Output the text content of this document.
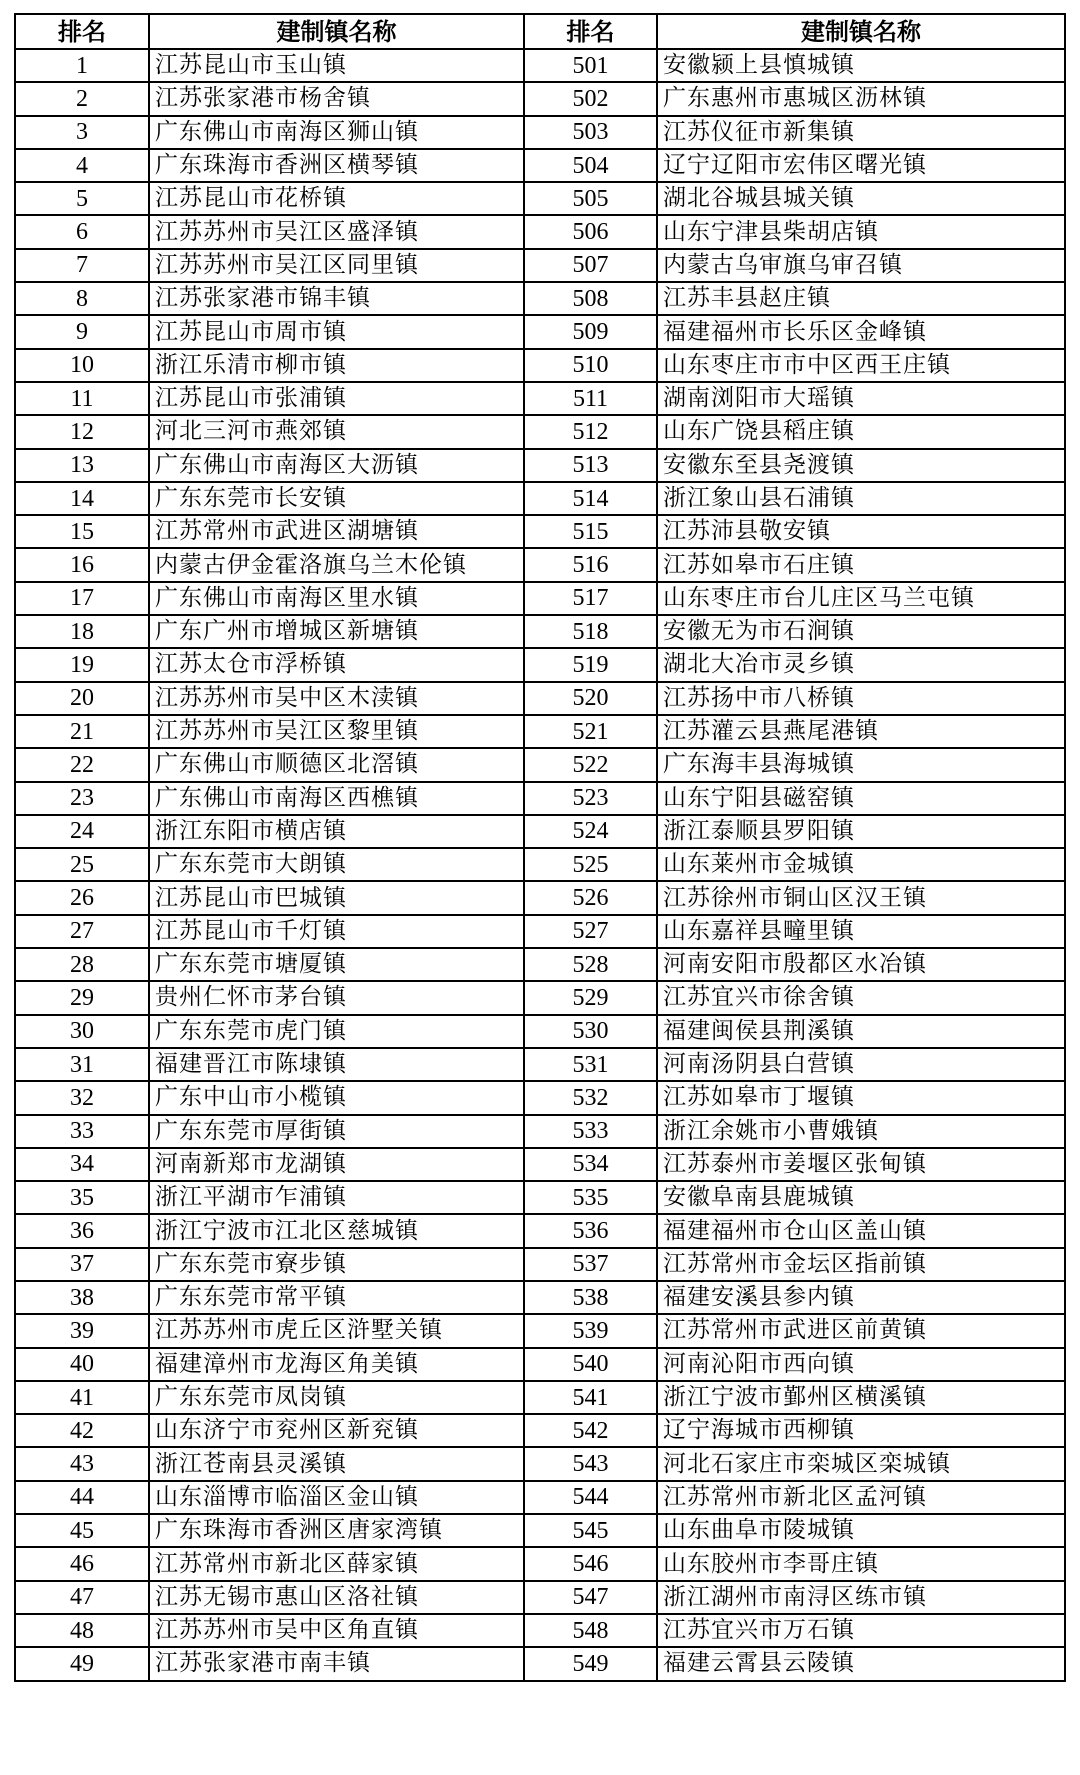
排名	建制镇名称	排名	建制镇名称
1	江苏昆山市玉山镇	501	安徽颍上县慎城镇
2	江苏张家港市杨舍镇	502	广东惠州市惠城区沥林镇
3	广东佛山市南海区狮山镇	503	江苏仪征市新集镇
4	广东珠海市香洲区横琴镇	504	辽宁辽阳市宏伟区曙光镇
5	江苏昆山市花桥镇	505	湖北谷城县城关镇
6	江苏苏州市吴江区盛泽镇	506	山东宁津县柴胡店镇
7	江苏苏州市吴江区同里镇	507	内蒙古乌审旗乌审召镇
8	江苏张家港市锦丰镇	508	江苏丰县赵庄镇
9	江苏昆山市周市镇	509	福建福州市长乐区金峰镇
10	浙江乐清市柳市镇	510	山东枣庄市市中区西王庄镇
11	江苏昆山市张浦镇	511	湖南浏阳市大瑶镇
12	河北三河市燕郊镇	512	山东广饶县稻庄镇
13	广东佛山市南海区大沥镇	513	安徽东至县尧渡镇
14	广东东莞市长安镇	514	浙江象山县石浦镇
15	江苏常州市武进区湖塘镇	515	江苏沛县敬安镇
16	内蒙古伊金霍洛旗乌兰木伦镇	516	江苏如皋市石庄镇
17	广东佛山市南海区里水镇	517	山东枣庄市台儿庄区马兰屯镇
18	广东广州市增城区新塘镇	518	安徽无为市石涧镇
19	江苏太仓市浮桥镇	519	湖北大冶市灵乡镇
20	江苏苏州市吴中区木渎镇	520	江苏扬中市八桥镇
21	江苏苏州市吴江区黎里镇	521	江苏灌云县燕尾港镇
22	广东佛山市顺德区北滘镇	522	广东海丰县海城镇
23	广东佛山市南海区西樵镇	523	山东宁阳县磁窑镇
24	浙江东阳市横店镇	524	浙江泰顺县罗阳镇
25	广东东莞市大朗镇	525	山东莱州市金城镇
26	江苏昆山市巴城镇	526	江苏徐州市铜山区汉王镇
27	江苏昆山市千灯镇	527	山东嘉祥县疃里镇
28	广东东莞市塘厦镇	528	河南安阳市殷都区水冶镇
29	贵州仁怀市茅台镇	529	江苏宜兴市徐舍镇
30	广东东莞市虎门镇	530	福建闽侯县荆溪镇
31	福建晋江市陈埭镇	531	河南汤阴县白营镇
32	广东中山市小榄镇	532	江苏如皋市丁堰镇
33	广东东莞市厚街镇	533	浙江余姚市小曹娥镇
34	河南新郑市龙湖镇	534	江苏泰州市姜堰区张甸镇
35	浙江平湖市乍浦镇	535	安徽阜南县鹿城镇
36	浙江宁波市江北区慈城镇	536	福建福州市仓山区盖山镇
37	广东东莞市寮步镇	537	江苏常州市金坛区指前镇
38	广东东莞市常平镇	538	福建安溪县参内镇
39	江苏苏州市虎丘区浒墅关镇	539	江苏常州市武进区前黄镇
40	福建漳州市龙海区角美镇	540	河南沁阳市西向镇
41	广东东莞市凤岗镇	541	浙江宁波市鄞州区横溪镇
42	山东济宁市兖州区新兖镇	542	辽宁海城市西柳镇
43	浙江苍南县灵溪镇	543	河北石家庄市栾城区栾城镇
44	山东淄博市临淄区金山镇	544	江苏常州市新北区孟河镇
45	广东珠海市香洲区唐家湾镇	545	山东曲阜市陵城镇
46	江苏常州市新北区薛家镇	546	山东胶州市李哥庄镇
47	江苏无锡市惠山区洛社镇	547	浙江湖州市南浔区练市镇
48	江苏苏州市吴中区角直镇	548	江苏宜兴市万石镇
49	江苏张家港市南丰镇	549	福建云霄县云陵镇
